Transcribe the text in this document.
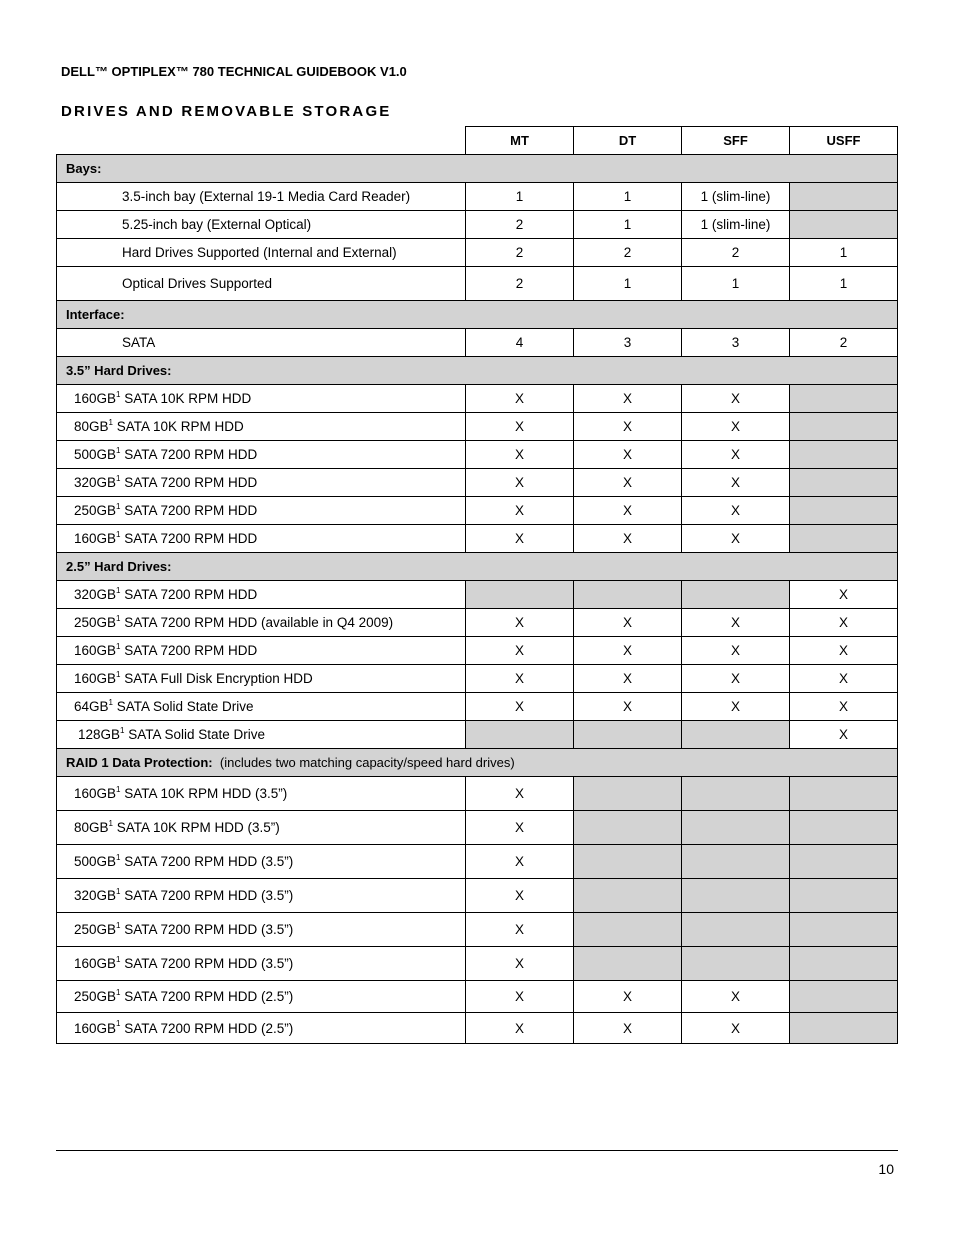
DELL™ OPTIPLEX™ 780 TECHNICAL GUIDEBOOK V1.0
DRIVES AND REMOVABLE STORAGE
	MT	DT	SFF	USFF
Bays:				
3.5-inch bay (External 19-1 Media Card Reader)	1	1	1 (slim-line)	
5.25-inch bay (External Optical)	2	1	1 (slim-line)	
Hard Drives Supported (Internal and External)	2	2	2	1
Optical Drives Supported	2	1	1	1
Interface:				
SATA	4	3	3	2
3.5” Hard Drives:				
$160GB^1$ SATA 10K RPM HDD	X	X	X	
$80GB^1$ SATA 10K RPM HDD	X	X	X	
$500GB^1$ SATA 7200 RPM HDD	X	X	X	
$320GB^1$ SATA 7200 RPM HDD	X	X	X	
$250GB^1$ SATA 7200 RPM HDD	X	X	X	
$160GB^1$ SATA 7200 RPM HDD	X	X	X	
2.5” Hard Drives:				
$320GB^1$ SATA 7200 RPM HDD				X
$250GB^1$ SATA 7200 RPM HDD (available in Q4 2009)	X	X	X	X
$160GB^1$ SATA 7200 RPM HDD	X	X	X	X
$160GB^1$ SATA Full Disk Encryption HDD	X	X	X	X
$64GB^1$ SATA Solid State Drive	X	X	X	X
$128GB^1$ SATA Solid State Drive				X
RAID 1 Data Protection: (includes two matching capacity/speed hard drives)				
$160GB^1$ SATA 10K RPM HDD (3.5”)	X			
$80GB^1$ SATA 10K RPM HDD (3.5”)	X			
$500GB^1$ SATA 7200 RPM HDD (3.5”)	X			
$320GB^1$ SATA 7200 RPM HDD (3.5”)	X			
$250GB^1$ SATA 7200 RPM HDD (3.5”)	X			
$160GB^1$ SATA 7200 RPM HDD (3.5”)	X			
$250GB^1$ SATA 7200 RPM HDD (2.5”)	X	X	X	
$160GB^1$ SATA 7200 RPM HDD (2.5”)	X	X	X	
10
